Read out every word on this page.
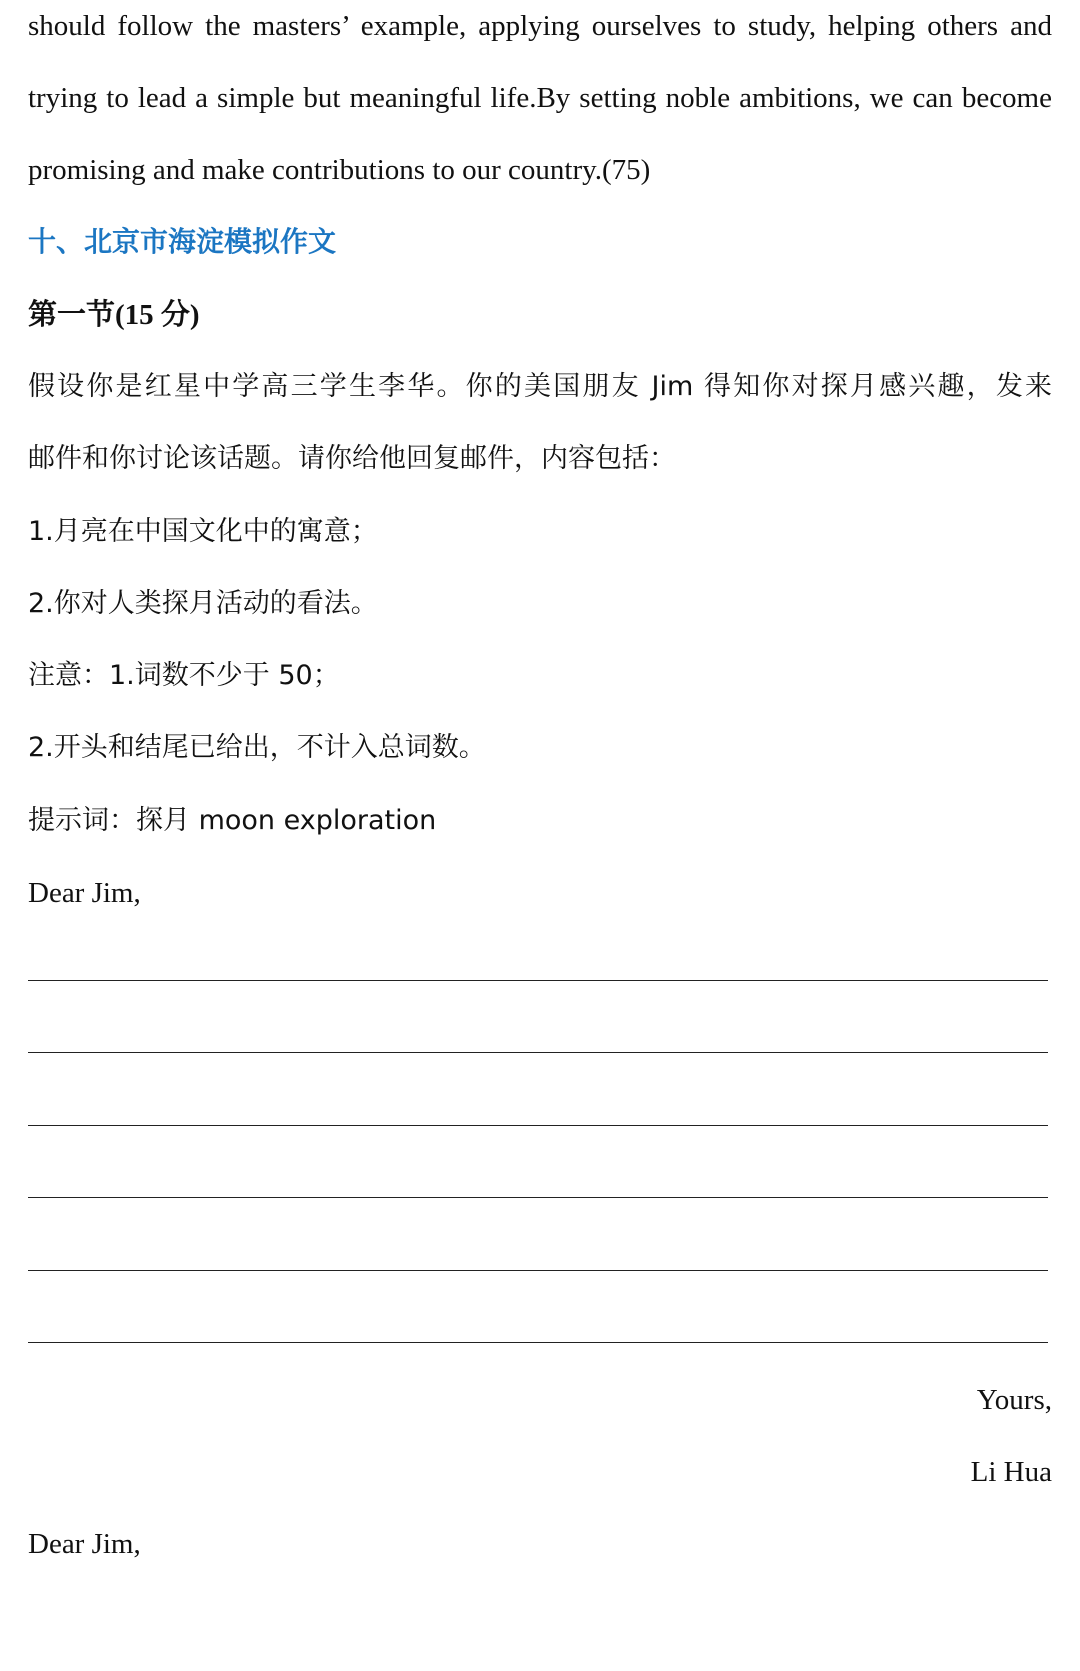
should follow the masters’ example, applying ourselves to study, helping others and
trying to lead a simple but meaningful life.By setting noble ambitions, we can become
promising and make contributions to our country.(75)
十、北京市海淀模拟作文
第一节(15 分)
假设你是红星中学高三学生李华。你的美国朋友 Jim 得知你对探月感兴趣，发来
邮件和你讨论该话题。请你给他回复邮件，内容包括：
1.月亮在中国文化中的寓意；
2.你对人类探月活动的看法。
注意：1.词数不少于 50；
2.开头和结尾已给出，不计入总词数。
提示词：探月 moon exploration
Dear Jim,
Yours,
Li Hua
Dear Jim,
